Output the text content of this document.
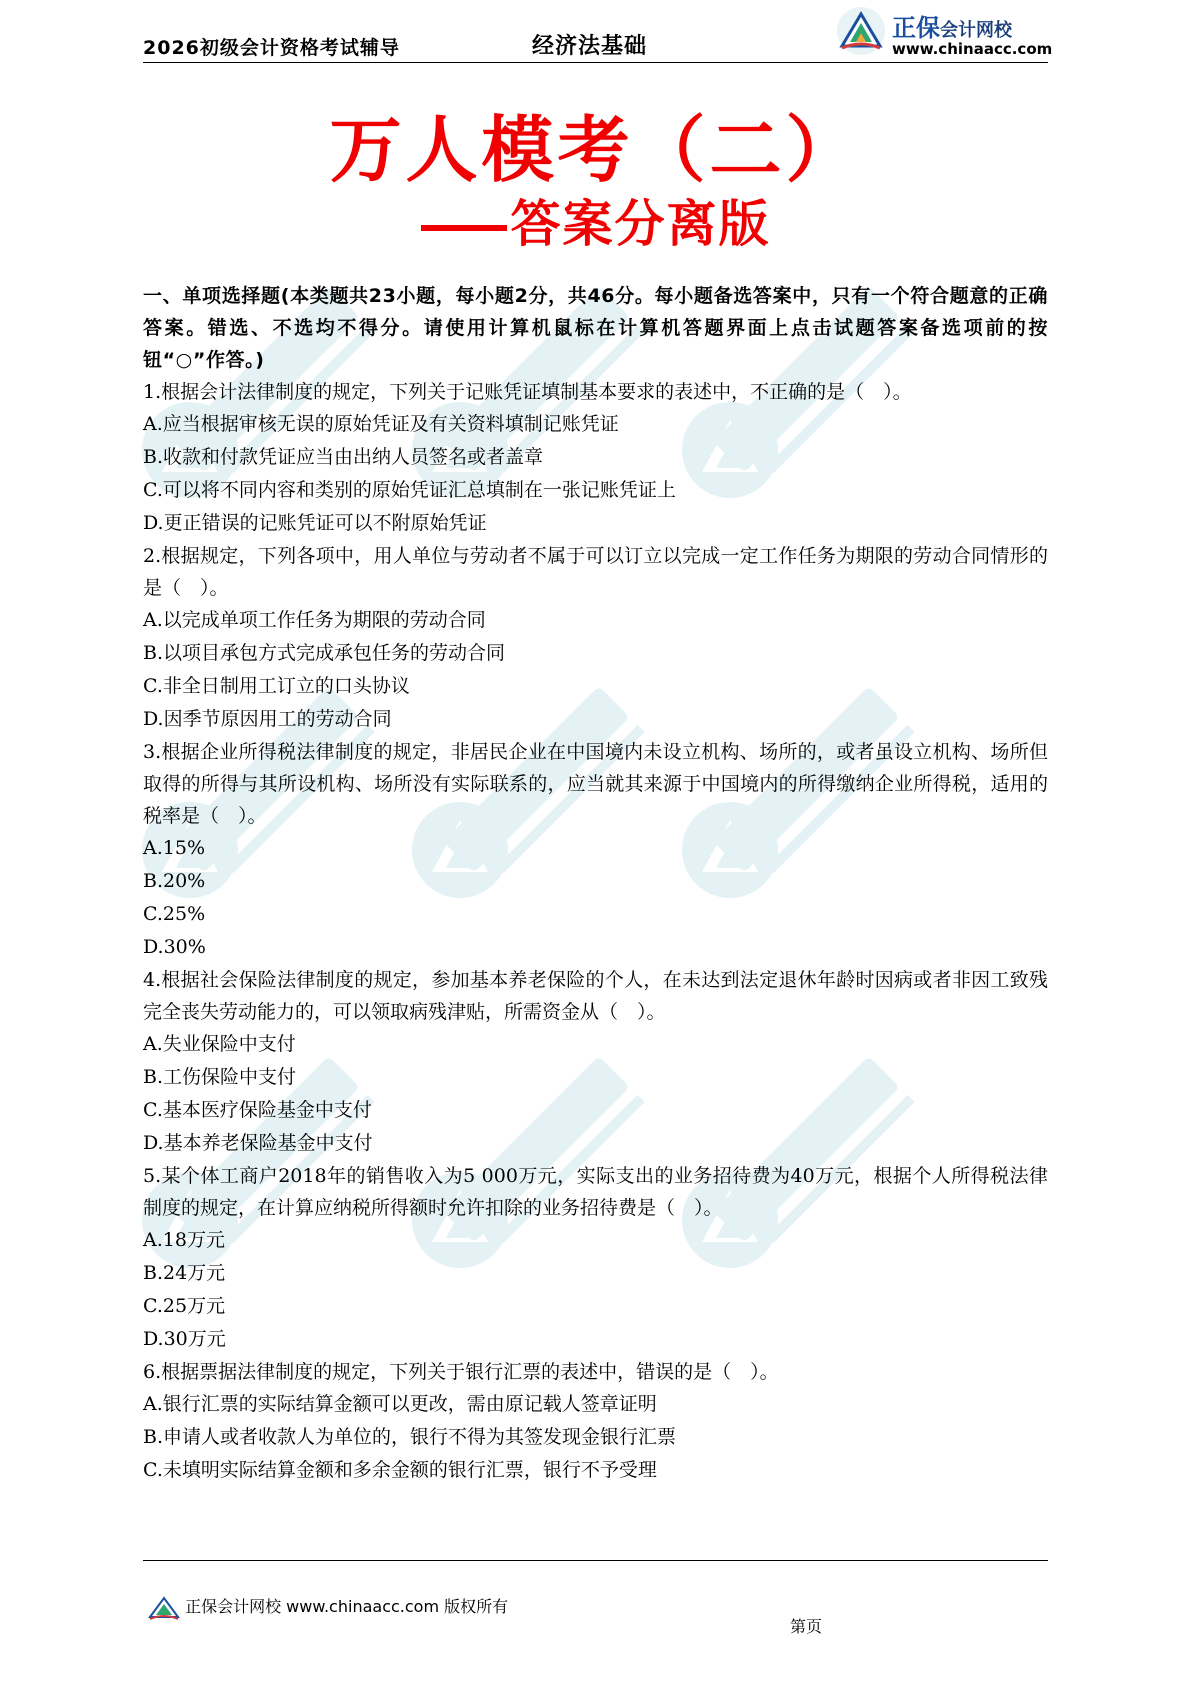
2026初级会计资格考试辅导	经济法基础
正保会计网校
www.chinaacc.com
万人模考（二）
答案分离版

一、单项选择题(本类题共23小题，每小题2分，共46分。每小题备选答案中，只有一个符合题意的正确答案。错选、不选均不得分。请使用计算机鼠标在计算机答题界面上点击试题答案备选项前的按钮“○”作答。)

1.根据会计法律制度的规定，下列关于记账凭证填制基本要求的表述中，不正确的是（　）。

A.应当根据审核无误的原始凭证及有关资料填制记账凭证

B.收款和付款凭证应当由出纳人员签名或者盖章

C.可以将不同内容和类别的原始凭证汇总填制在一张记账凭证上

D.更正错误的记账凭证可以不附原始凭证

2.根据规定，下列各项中，用人单位与劳动者不属于可以订立以完成一定工作任务为期限的劳动合同情形的是（　）。

A.以完成单项工作任务为期限的劳动合同

B.以项目承包方式完成承包任务的劳动合同

C.非全日制用工订立的口头协议

D.因季节原因用工的劳动合同

3.根据企业所得税法律制度的规定，非居民企业在中国境内未设立机构、场所的，或者虽设立机构、场所但取得的所得与其所设机构、场所没有实际联系的，应当就其来源于中国境内的所得缴纳企业所得税，适用的税率是（　）。

A.15%

B.20%

C.25%

D.30%

4.根据社会保险法律制度的规定，参加基本养老保险的个人，在未达到法定退休年龄时因病或者非因工致残完全丧失劳动能力的，可以领取病残津贴，所需资金从（　）。

A.失业保险中支付

B.工伤保险中支付

C.基本医疗保险基金中支付

D.基本养老保险基金中支付

5.某个体工商户2018年的销售收入为5 000万元，实际支出的业务招待费为40万元，根据个人所得税法律制度的规定，在计算应纳税所得额时允许扣除的业务招待费是（　）。

A.18万元

B.24万元

C.25万元

D.30万元

6.根据票据法律制度的规定，下列关于银行汇票的表述中，错误的是（　）。

A.银行汇票的实际结算金额可以更改，需由原记载人签章证明

B.申请人或者收款人为单位的，银行不得为其签发现金银行汇票

C.未填明实际结算金额和多余金额的银行汇票，银行不予受理

正保会计网校 www.chinaacc.com 版权所有
第页
